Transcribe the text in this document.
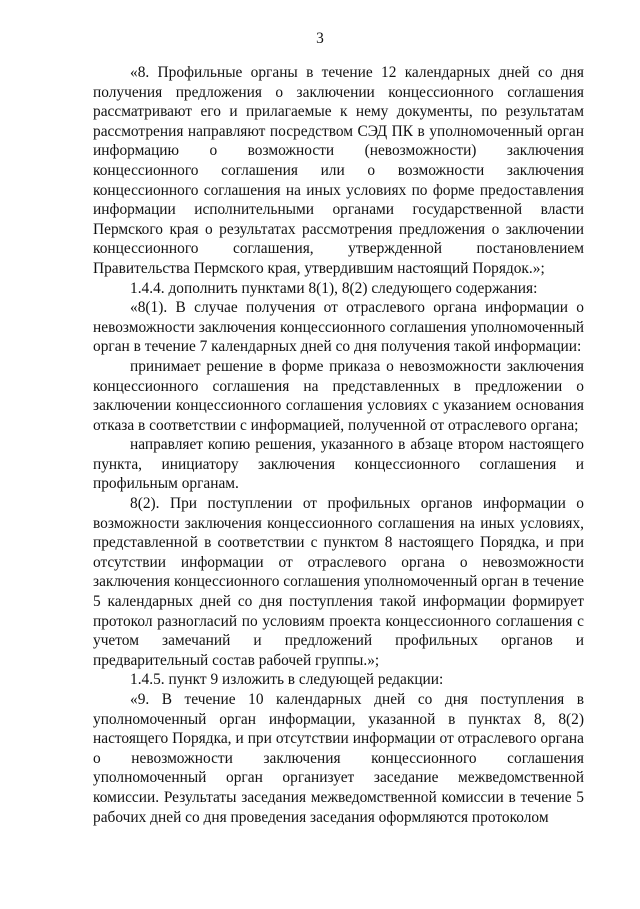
3

«8. Профильные органы в течение 12 календарных дней со дня получения предложения о заключении концессионного соглашения рассматривают его и прилагаемые к нему документы, по результатам рассмотрения направляют посредством СЭД ПК в уполномоченный орган информацию о возможности (невозможности) заключения концессионного соглашения или о возможности заключения концессионного соглашения на иных условиях по форме предоставления информации исполнительными органами государственной власти Пермского края о результатах рассмотрения предложения о заключении концессионного соглашения, утвержденной постановлением Правительства Пермского края, утвердившим настоящий Порядок.»;

1.4.4. дополнить пунктами 8(1), 8(2) следующего содержания:

«8(1). В случае получения от отраслевого органа информации о невозможности заключения концессионного соглашения уполномоченный орган в течение 7 календарных дней со дня получения такой информации:

принимает решение в форме приказа о невозможности заключения концессионного соглашения на представленных в предложении о заключении концессионного соглашения условиях с указанием основания отказа в соответствии с информацией, полученной от отраслевого органа;

направляет копию решения, указанного в абзаце втором настоящего пункта, инициатору заключения концессионного соглашения и профильным органам.

8(2). При поступлении от профильных органов информации о возможности заключения концессионного соглашения на иных условиях, представленной в соответствии с пунктом 8 настоящего Порядка, и при отсутствии информации от отраслевого органа о невозможности заключения концессионного соглашения уполномоченный орган в течение 5 календарных дней со дня поступления такой информации формирует протокол разногласий по условиям проекта концессионного соглашения с учетом замечаний и предложений профильных органов и предварительный состав рабочей группы.»;

1.4.5. пункт 9 изложить в следующей редакции:

«9. В течение 10 календарных дней со дня поступления в уполномоченный орган информации, указанной в пунктах 8, 8(2) настоящего Порядка, и при отсутствии информации от отраслевого органа о невозможности заключения концессионного соглашения уполномоченный орган организует заседание межведомственной комиссии. Результаты заседания межведомственной комиссии в течение 5 рабочих дней со дня проведения заседания оформляются протоколом
